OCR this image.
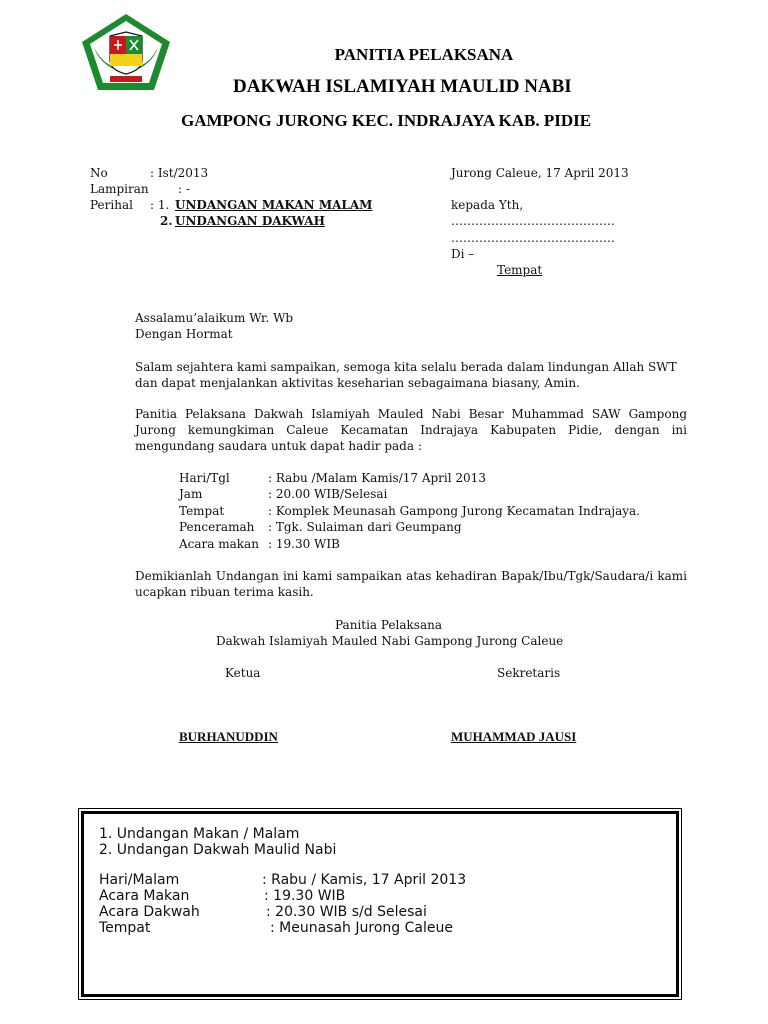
PANITIA PELAKSANA
DAKWAH ISLAMIYAH MAULID NABI
GAMPONG JURONG KEC. INDRAJAYA KAB. PIDIE
No	: Ist/2013
Lampiran : -
Perihal : 1. UNDANGAN MAKAN MALAM
2. UNDANGAN DAKWAH
Jurong Caleue, 17 April 2013
kepada Yth,
…………………………………..
…………………………………..
Di –
Tempat
Assalamu’alaikum Wr. Wb
Dengan Hormat
Salam sejahtera kami sampaikan, semoga kita selalu berada dalam lindungan Allah SWT
dan dapat menjalankan aktivitas keseharian sebagaimana biasany, Amin.
Panitia Pelaksana Dakwah Islamiyah Mauled Nabi Besar Muhammad SAW Gampong
Jurong kemungkiman Caleue Kecamatan Indrajaya Kabupaten Pidie, dengan ini
mengundang saudara untuk dapat hadir pada :
Hari/Tgl	: Rabu /Malam Kamis/17 April 2013
Jam	: 20.00 WIB/Selesai
Tempat	: Komplek Meunasah Gampong Jurong Kecamatan Indrajaya.
Penceramah : Tgk. Sulaiman dari Geumpang
Acara makan : 19.30 WIB
Demikianlah Undangan ini kami sampaikan atas kehadiran Bapak/Ibu/Tgk/Saudara/i kami
ucapkan ribuan terima kasih.
Panitia Pelaksana
Dakwah Islamiyah Mauled Nabi Gampong Jurong Caleue
Ketua	Sekretaris
BURHANUDDIN	MUHAMMAD JAUSI
1. Undangan Makan / Malam
2. Undangan Dakwah Maulid Nabi
Hari/Malam	: Rabu / Kamis, 17 April 2013
Acara Makan	: 19.30 WIB
Acara Dakwah	: 20.30 WIB s/d Selesai
Tempat	: Meunasah Jurong Caleue
